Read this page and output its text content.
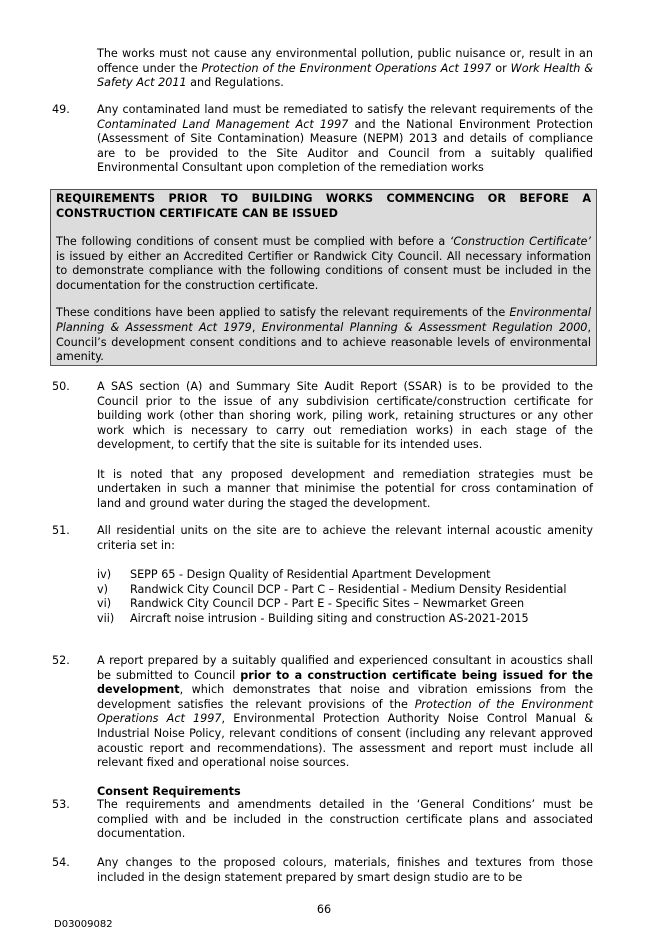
The works must not cause any environmental pollution, public nuisance or, result in an offence under the Protection of the Environment Operations Act 1997 or Work Health & Safety Act 2011 and Regulations.

49.	Any contaminated land must be remediated to satisfy the relevant requirements of the Contaminated Land Management Act 1997 and the National Environment Protection (Assessment of Site Contamination) Measure (NEPM) 2013 and details of compliance are to be provided to the Site Auditor and Council from a suitably qualified Environmental Consultant upon completion of the remediation works

REQUIREMENTS PRIOR TO BUILDING WORKS COMMENCING OR BEFORE A CONSTRUCTION CERTIFICATE CAN BE ISSUED

The following conditions of consent must be complied with before a ‘Construction Certificate’ is issued by either an Accredited Certifier or Randwick City Council. All necessary information to demonstrate compliance with the following conditions of consent must be included in the documentation for the construction certificate.

These conditions have been applied to satisfy the relevant requirements of the Environmental Planning & Assessment Act 1979, Environmental Planning & Assessment Regulation 2000, Council’s development consent conditions and to achieve reasonable levels of environmental amenity.

50.	A SAS section (A) and Summary Site Audit Report (SSAR) is to be provided to the Council prior to the issue of any subdivision certificate/construction certificate for building work (other than shoring work, piling work, retaining structures or any other work which is necessary to carry out remediation works) in each stage of the development, to certify that the site is suitable for its intended uses.

It is noted that any proposed development and remediation strategies must be undertaken in such a manner that minimise the potential for cross contamination of land and ground water during the staged the development.

51.	All residential units on the site are to achieve the relevant internal acoustic amenity criteria set in:

iv) SEPP 65 - Design Quality of Residential Apartment Development

v) Randwick City Council DCP - Part C – Residential - Medium Density Residential

vi) Randwick City Council DCP - Part E - Specific Sites – Newmarket Green

vii) Aircraft noise intrusion - Building siting and construction AS-2021-2015

52.	A report prepared by a suitably qualified and experienced consultant in acoustics shall be submitted to Council prior to a construction certificate being issued for the development, which demonstrates that noise and vibration emissions from the development satisfies the relevant provisions of the Protection of the Environment Operations Act 1997, Environmental Protection Authority Noise Control Manual & Industrial Noise Policy, relevant conditions of consent (including any relevant approved acoustic report and recommendations). The assessment and report must include all relevant fixed and operational noise sources.

Consent Requirements
53.	The requirements and amendments detailed in the ‘General Conditions’ must be complied with and be included in the construction certificate plans and associated documentation.

54.	Any changes to the proposed colours, materials, finishes and textures from those included in the design statement prepared by smart design studio are to be

66
D03009082
